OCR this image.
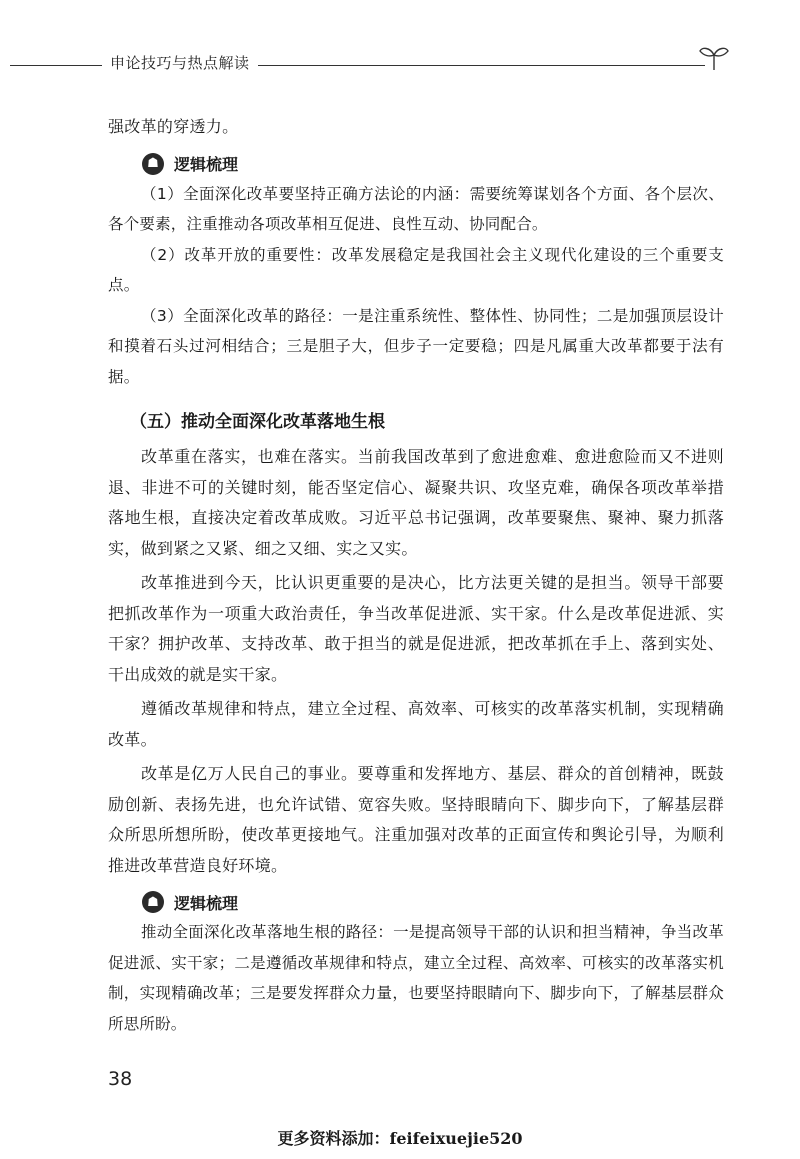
申论技巧与热点解读

强改革的穿透力。

☗ 逻辑梳理

（1）全面深化改革要坚持正确方法论的内涵：需要统筹谋划各个方面、各个层次、各个要素，注重推动各项改革相互促进、良性互动、协同配合。

（2）改革开放的重要性：改革发展稳定是我国社会主义现代化建设的三个重要支点。

（3）全面深化改革的路径：一是注重系统性、整体性、协同性；二是加强顶层设计和摸着石头过河相结合；三是胆子大，但步子一定要稳；四是凡属重大改革都要于法有据。

（五）推动全面深化改革落地生根

改革重在落实，也难在落实。当前我国改革到了愈进愈难、愈进愈险而又不进则退、非进不可的关键时刻，能否坚定信心、凝聚共识、攻坚克难，确保各项改革举措落地生根，直接决定着改革成败。习近平总书记强调，改革要聚焦、聚神、聚力抓落实，做到紧之又紧、细之又细、实之又实。

改革推进到今天，比认识更重要的是决心，比方法更关键的是担当。领导干部要把抓改革作为一项重大政治责任，争当改革促进派、实干家。什么是改革促进派、实干家？拥护改革、支持改革、敢于担当的就是促进派，把改革抓在手上、落到实处、干出成效的就是实干家。

遵循改革规律和特点，建立全过程、高效率、可核实的改革落实机制，实现精确改革。

改革是亿万人民自己的事业。要尊重和发挥地方、基层、群众的首创精神，既鼓励创新、表扬先进，也允许试错、宽容失败。坚持眼睛向下、脚步向下，了解基层群众所思所想所盼，使改革更接地气。注重加强对改革的正面宣传和舆论引导，为顺利推进改革营造良好环境。

☗ 逻辑梳理

推动全面深化改革落地生根的路径：一是提高领导干部的认识和担当精神，争当改革促进派、实干家；二是遵循改革规律和特点，建立全过程、高效率、可核实的改革落实机制，实现精确改革；三是要发挥群众力量，也要坚持眼睛向下、脚步向下，了解基层群众所思所盼。

38
更多资料添加：feifeixuejie520
